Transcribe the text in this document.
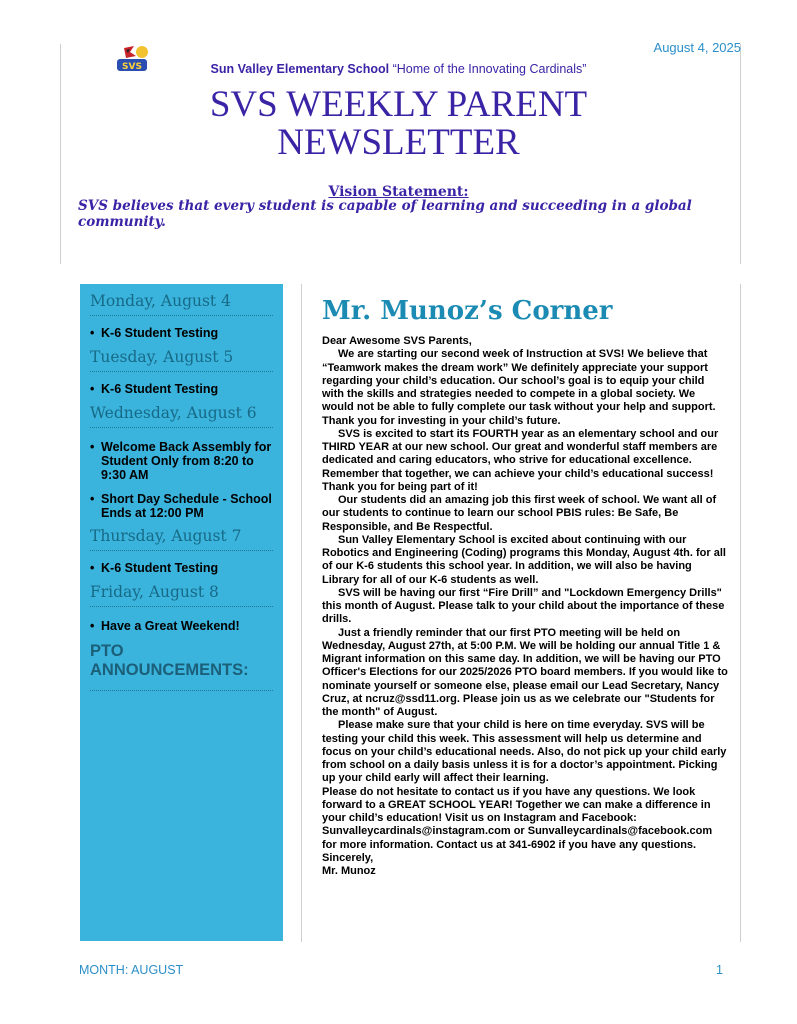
August 4, 2025
SVS	Sun Valley Elementary School “Home of the Innovating Cardinals”
SVS WEEKLY PARENT
NEWSLETTER
Vision Statement:
SVS believes that every student is capable of learning and succeeding in a global community.
Monday, August 4
• K-6 Student Testing
Tuesday, August 5
• K-6 Student Testing
Wednesday, August 6
• Welcome Back Assembly for Student Only from 8:20 to 9:30 AM
• Short Day Schedule - School Ends at 12:00 PM
Thursday, August 7
• K-6 Student Testing
Friday, August 8
• Have a Great Weekend!
PTO ANNOUNCEMENTS:
Mr. Munoz’s Corner

Dear Awesome SVS Parents,

We are starting our second week of Instruction at SVS! We believe that “Teamwork makes the dream work” We definitely appreciate your support regarding your child’s education. Our school’s goal is to equip your child with the skills and strategies needed to compete in a global society. We would not be able to fully complete our task without your help and support. Thank you for investing in your child’s future.

SVS is excited to start its FOURTH year as an elementary school and our THIRD YEAR at our new school. Our great and wonderful staff members are dedicated and caring educators, who strive for educational excellence. Remember that together, we can achieve your child’s educational success! Thank you for being part of it!

Our students did an amazing job this first week of school. We want all of our students to continue to learn our school PBIS rules: Be Safe, Be Responsible, and Be Respectful.

Sun Valley Elementary School is excited about continuing with our Robotics and Engineering (Coding) programs this Monday, August 4th. for all of our K-6 students this school year. In addition, we will also be having Library for all of our K-6 students as well.

SVS will be having our first “Fire Drill” and "Lockdown Emergency Drills" this month of August. Please talk to your child about the importance of these drills.

Just a friendly reminder that our first PTO meeting will be held on Wednesday, August 27th, at 5:00 P.M. We will be holding our annual Title 1 & Migrant information on this same day. In addition, we will be having our PTO Officer's Elections for our 2025/2026 PTO board members. If you would like to nominate yourself or someone else, please email our Lead Secretary, Nancy Cruz, at ncruz@ssd11.org. Please join us as we celebrate our "Students for the month" of August.

Please make sure that your child is here on time everyday. SVS will be testing your child this week. This assessment will help us determine and focus on your child’s educational needs. Also, do not pick up your child early from school on a daily basis unless it is for a doctor’s appointment. Picking up your child early will affect their learning.

Please do not hesitate to contact us if you have any questions. We look forward to a GREAT SCHOOL YEAR! Together we can make a difference in your child’s education! Visit us on Instagram and Facebook: Sunvalleycardinals@instagram.com or Sunvalleycardinals@facebook.com for more information. Contact us at 341-6902 if you have any questions.

Sincerely,

Mr. Munoz

MONTH: AUGUST	1
